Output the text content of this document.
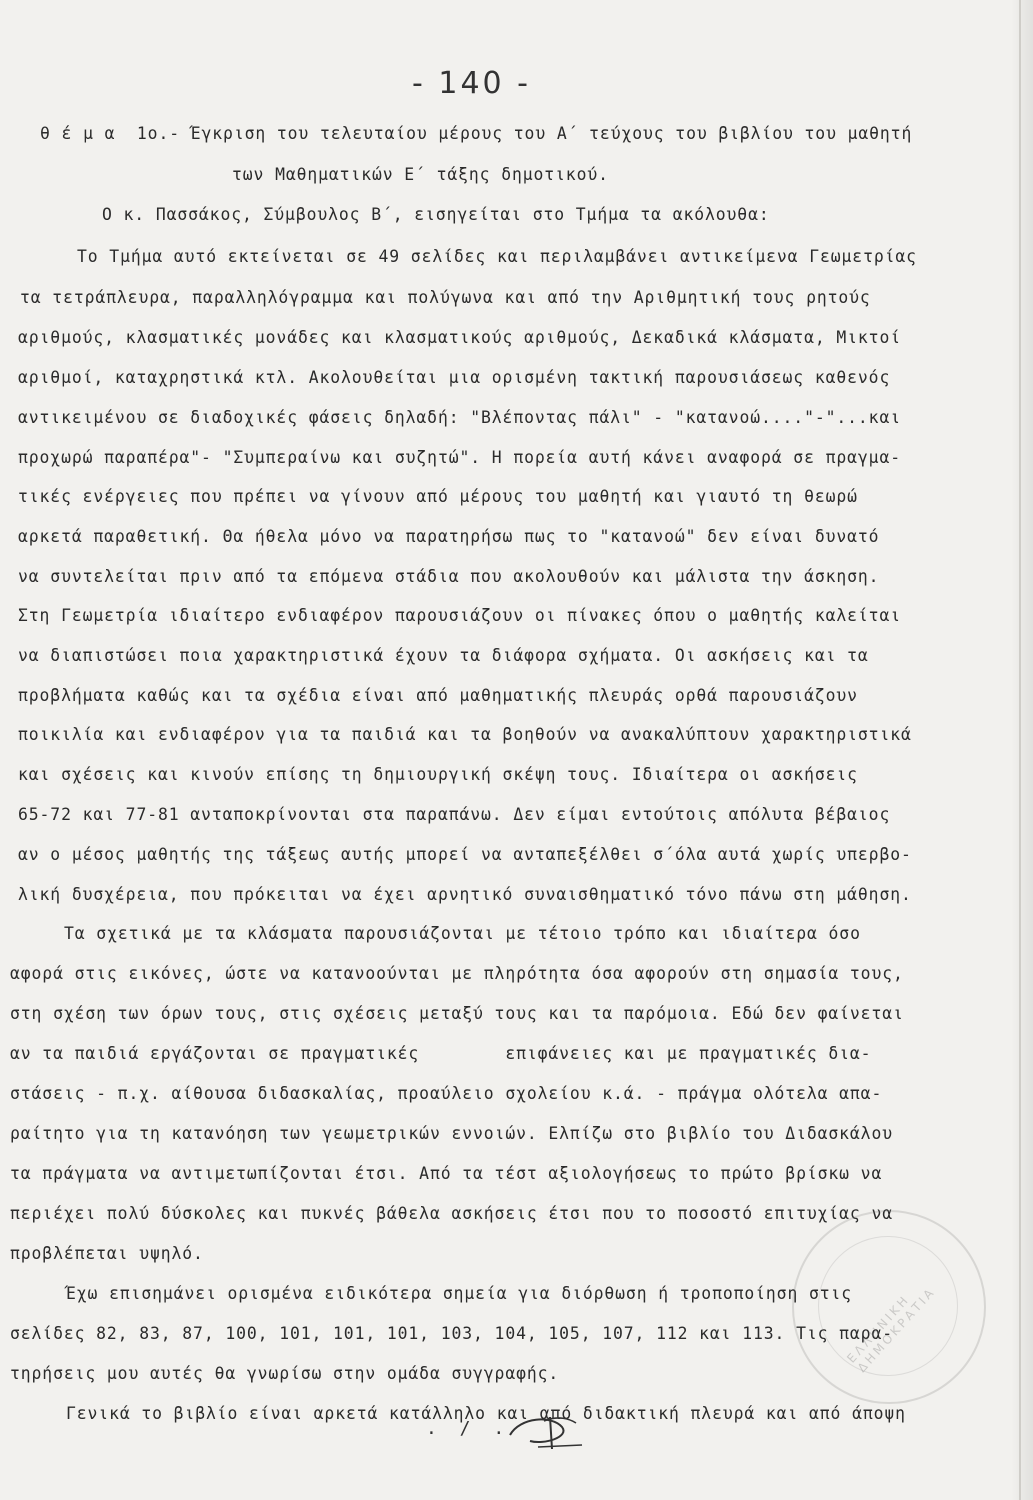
- 140 -
θ έ μ α  1ο.- Έγκριση του τελευταίου μέρους του Α΄ τεύχους του βιβλίου του μαθητή
των Μαθηματικών Ε΄ τάξης δημοτικού.
Ο κ. Πασσάκος, Σύμβουλος Β΄, εισηγείται στο Τμήμα τα ακόλουθα:
Το Τμήμα αυτό εκτείνεται σε 49 σελίδες και περιλαμβάνει αντικείμενα Γεωμετρίας
τα τετράπλευρα, παραλληλόγραμμα και πολύγωνα και από την Αριθμητική τους ρητούς
αριθμούς, κλασματικές μονάδες και κλασματικούς αριθμούς, Δεκαδικά κλάσματα, Μικτοί
αριθμοί, καταχρηστικά κτλ. Ακολουθείται μια ορισμένη τακτική παρουσιάσεως καθενός
αντικειμένου σε διαδοχικές φάσεις δηλαδή: "Βλέποντας πάλι" - "κατανοώ...."-"...και
προχωρώ παραπέρα"- "Συμπεραίνω και συζητώ". Η πορεία αυτή κάνει αναφορά σε πραγμα-
τικές ενέργειες που πρέπει να γίνουν από μέρους του μαθητή και γιαυτό τη θεωρώ
αρκετά παραθετική. Θα ήθελα μόνο να παρατηρήσω πως το "κατανοώ" δεν είναι δυνατό
να συντελείται πριν από τα επόμενα στάδια που ακολουθούν και μάλιστα την άσκηση.
Στη Γεωμετρία ιδιαίτερο ενδιαφέρον παρουσιάζουν οι πίνακες όπου ο μαθητής καλείται
να διαπιστώσει ποια χαρακτηριστικά έχουν τα διάφορα σχήματα. Οι ασκήσεις και τα
προβλήματα καθώς και τα σχέδια είναι από μαθηματικής πλευράς ορθά παρουσιάζουν
ποικιλία και ενδιαφέρον για τα παιδιά και τα βοηθούν να ανακαλύπτουν χαρακτηριστικά
και σχέσεις και κινούν επίσης τη δημιουργική σκέψη τους. Ιδιαίτερα οι ασκήσεις
65-72 και 77-81 ανταποκρίνονται στα παραπάνω. Δεν είμαι εντούτοις απόλυτα βέβαιος
αν ο μέσος μαθητής της τάξεως αυτής μπορεί να ανταπεξέλθει σ΄όλα αυτά χωρίς υπερβο-
λική δυσχέρεια, που πρόκειται να έχει αρνητικό συναισθηματικό τόνο πάνω στη μάθηση.
Τα σχετικά με τα κλάσματα παρουσιάζονται με τέτοιο τρόπο και ιδιαίτερα όσο
αφορά στις εικόνες, ώστε να κατανοούνται με πληρότητα όσα αφορούν στη σημασία τους,
στη σχέση των όρων τους, στις σχέσεις μεταξύ τους και τα παρόμοια. Εδώ δεν φαίνεται
αν τα παιδιά εργάζονται σε πραγματικές        επιφάνειες και με πραγματικές δια-
στάσεις - π.χ. αίθουσα διδασκαλίας, προαύλειο σχολείου κ.ά. - πράγμα ολότελα απα-
ραίτητο για τη κατανόηση των γεωμετρικών εννοιών. Ελπίζω στο βιβλίο του Διδασκάλου
τα πράγματα να αντιμετωπίζονται έτσι. Από τα τέστ αξιολογήσεως το πρώτο βρίσκω να
περιέχει πολύ δύσκολες και πυκνές βάθελα ασκήσεις έτσι που το ποσοστό επιτυχίας να
προβλέπεται υψηλό.
Έχω επισημάνει ορισμένα ειδικότερα σημεία για διόρθωση ή τροποποίηση στις
σελίδες 82, 83, 87, 100, 101, 101, 101, 103, 104, 105, 107, 112 και 113. Τις παρα-
τηρήσεις μου αυτές θα γνωρίσω στην ομάδα συγγραφής.
Γενικά το βιβλίο είναι αρκετά κατάλληλο και από διδακτική πλευρά και από άποψη
ΕΛΛΗΝΙΚΗ ΔΗΜΟΚΡΑΤΙΑ
. / .
